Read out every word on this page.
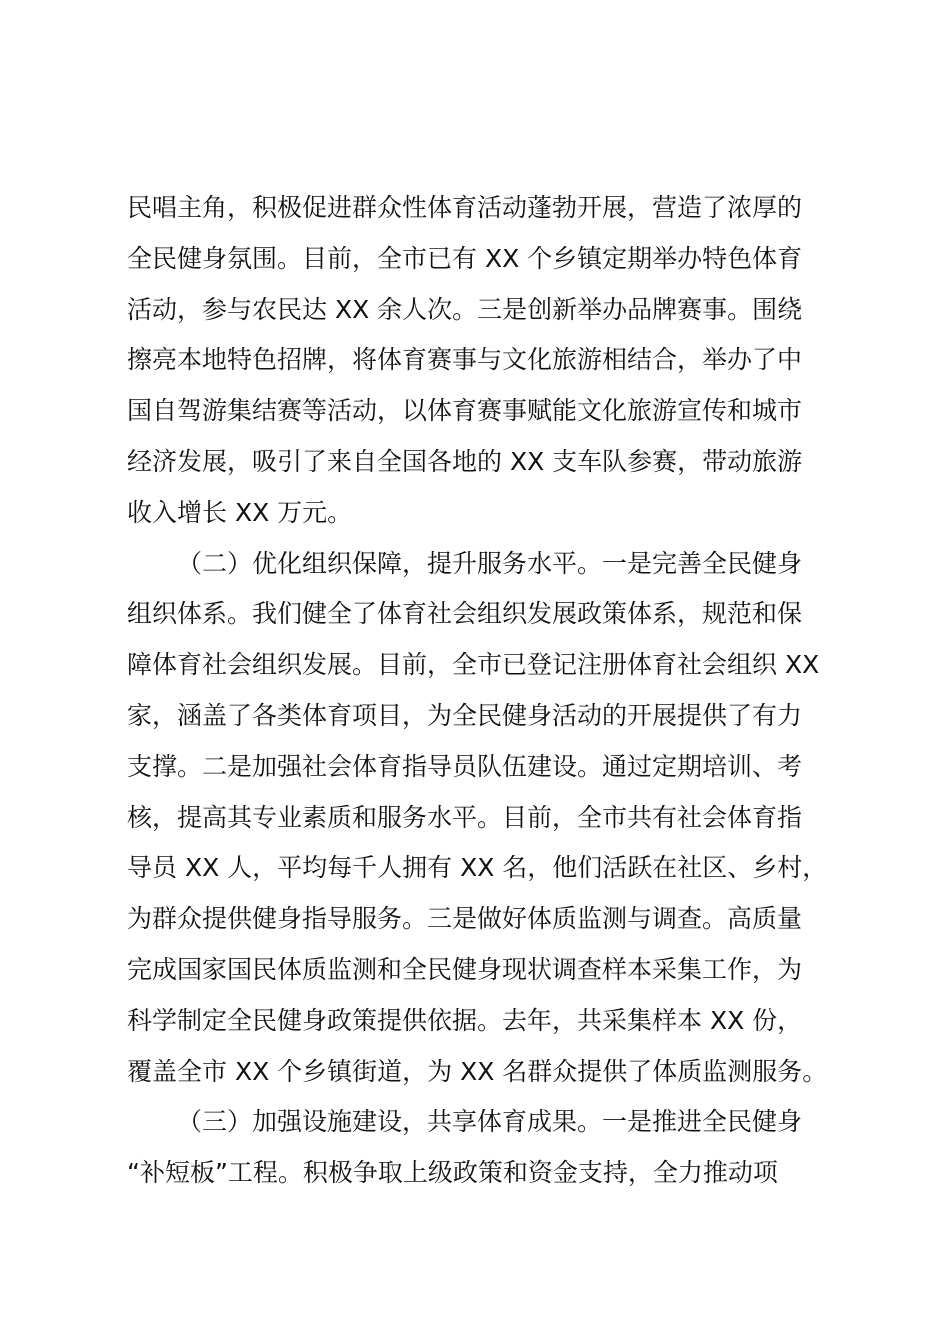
民唱主角，积极促进群众性体育活动蓬勃开展，营造了浓厚的
全民健身氛围。目前，全市已有 XX 个乡镇定期举办特色体育
活动，参与农民达 XX 余人次。三是创新举办品牌赛事。围绕
擦亮本地特色招牌，将体育赛事与文化旅游相结合，举办了中
国自驾游集结赛等活动，以体育赛事赋能文化旅游宣传和城市
经济发展，吸引了来自全国各地的 XX 支车队参赛，带动旅游
收入增长 XX 万元。
（二）优化组织保障，提升服务水平。一是完善全民健身
组织体系。我们健全了体育社会组织发展政策体系，规范和保
障体育社会组织发展。目前，全市已登记注册体育社会组织 XX
家，涵盖了各类体育项目，为全民健身活动的开展提供了有力
支撑。二是加强社会体育指导员队伍建设。通过定期培训、考
核，提高其专业素质和服务水平。目前，全市共有社会体育指
导员 XX 人，平均每千人拥有 XX 名，他们活跃在社区、乡村，
为群众提供健身指导服务。三是做好体质监测与调查。高质量
完成国家国民体质监测和全民健身现状调查样本采集工作，为
科学制定全民健身政策提供依据。去年，共采集样本 XX 份，
覆盖全市 XX 个乡镇街道，为 XX 名群众提供了体质监测服务。
（三）加强设施建设，共享体育成果。一是推进全民健身
“补短板”工程。积极争取上级政策和资金支持，全力推动项
